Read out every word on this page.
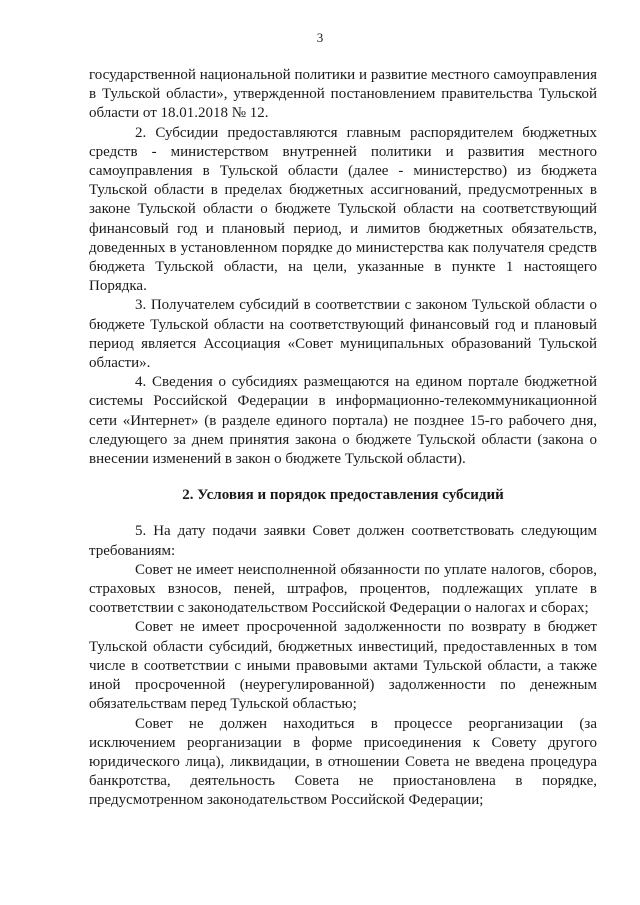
3

государственной национальной политики и развитие местного самоуправления в Тульской области», утвержденной постановлением правительства Тульской области от 18.01.2018 № 12.

2. Субсидии предоставляются главным распорядителем бюджетных средств - министерством внутренней политики и развития местного самоуправления в Тульской области (далее - министерство) из бюджета Тульской области в пределах бюджетных ассигнований, предусмотренных в законе Тульской области о бюджете Тульской области на соответствующий финансовый год и плановый период, и лимитов бюджетных обязательств, доведенных в установленном порядке до министерства как получателя средств бюджета Тульской области, на цели, указанные в пункте 1 настоящего Порядка.

3. Получателем субсидий в соответствии с законом Тульской области о бюджете Тульской области на соответствующий финансовый год и плановый период является Ассоциация «Совет муниципальных образований Тульской области».

4. Сведения о субсидиях размещаются на едином портале бюджетной системы Российской Федерации в информационно-телекоммуникационной сети «Интернет» (в разделе единого портала) не позднее 15-го рабочего дня, следующего за днем принятия закона о бюджете Тульской области (закона о внесении изменений в закон о бюджете Тульской области).

2. Условия и порядок предоставления субсидий

5. На дату подачи заявки Совет должен соответствовать следующим требованиям:

Совет не имеет неисполненной обязанности по уплате налогов, сборов, страховых взносов, пеней, штрафов, процентов, подлежащих уплате в соответствии с законодательством Российской Федерации о налогах и сборах;

Совет не имеет просроченной задолженности по возврату в бюджет Тульской области субсидий, бюджетных инвестиций, предоставленных в том числе в соответствии с иными правовыми актами Тульской области, а также иной просроченной (неурегулированной) задолженности по денежным обязательствам перед Тульской областью;

Совет не должен находиться в процессе реорганизации (за исключением реорганизации в форме присоединения к Совету другого юридического лица), ликвидации, в отношении Совета не введена процедура банкротства, деятельность Совета не приостановлена в порядке, предусмотренном законодательством Российской Федерации;
